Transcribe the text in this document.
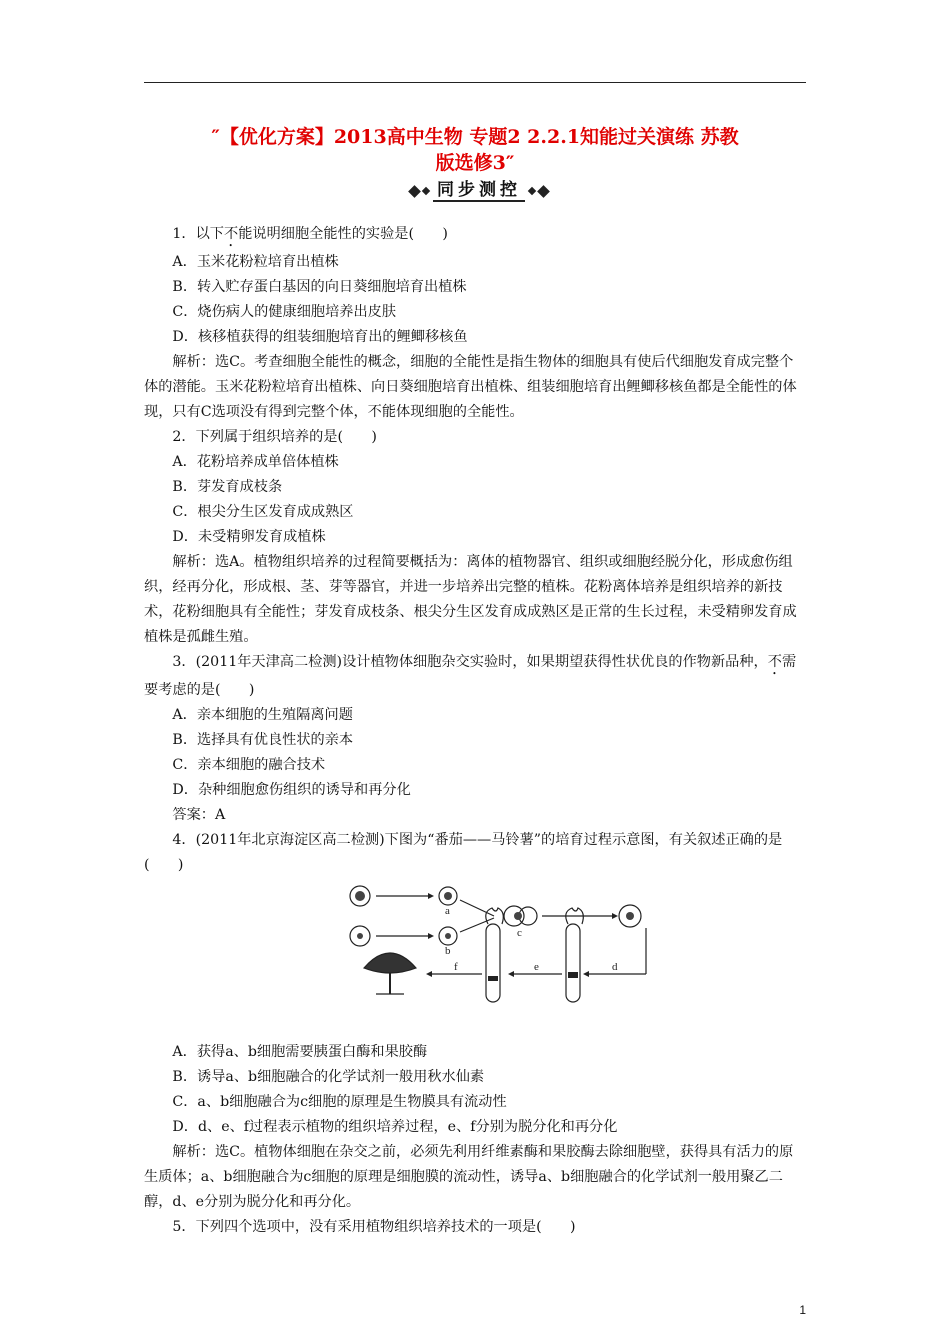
″【优化方案】2013高中生物 专题2 2.2.1知能过关演练 苏教
版选修3″
同步测控

1．以下不能说明细胞全能性的实验是(　　)

A．玉米花粉粒培育出植株

B．转入贮存蛋白基因的向日葵细胞培育出植株

C．烧伤病人的健康细胞培养出皮肤

D．核移植获得的组装细胞培育出的鲤鲫移核鱼

解析：选C。考查细胞全能性的概念，细胞的全能性是指生物体的细胞具有使后代细胞发育成完整个体的潜能。玉米花粉粒培育出植株、向日葵细胞培育出植株、组装细胞培育出鲤鲫移核鱼都是全能性的体现，只有C选项没有得到完整个体，不能体现细胞的全能性。

2．下列属于组织培养的是(　　)

A．花粉培养成单倍体植株

B．芽发育成枝条

C．根尖分生区发育成成熟区

D．未受精卵发育成植株

解析：选A。植物组织培养的过程简要概括为：离体的植物器官、组织或细胞经脱分化，形成愈伤组织，经再分化，形成根、茎、芽等器官，并进一步培养出完整的植株。花粉离体培养是组织培养的新技术，花粉细胞具有全能性；芽发育成枝条、根尖分生区发育成成熟区是正常的生长过程，未受精卵发育成植株是孤雌生殖。

3．(2011年天津高二检测)设计植物体细胞杂交实验时，如果期望获得性状优良的作物新品种，不需要考虑的是(　　)

A．亲本细胞的生殖隔离问题

B．选择具有优良性状的亲本

C．亲本细胞的融合技术

D．杂种细胞愈伤组织的诱导和再分化

答案：A

4．(2011年北京海淀区高二检测)下图为“番茄——马铃薯”的培育过程示意图，有关叙述正确的是(　　)

a
b
c
d
e
f

A．获得a、b细胞需要胰蛋白酶和果胶酶

B．诱导a、b细胞融合的化学试剂一般用秋水仙素

C．a、b细胞融合为c细胞的原理是生物膜具有流动性

D．d、e、f过程表示植物的组织培养过程，e、f分别为脱分化和再分化

解析：选C。植物体细胞在杂交之前，必须先利用纤维素酶和果胶酶去除细胞壁，获得具有活力的原生质体；a、b细胞融合为c细胞的原理是细胞膜的流动性，诱导a、b细胞融合的化学试剂一般用聚乙二醇，d、e分别为脱分化和再分化。

5．下列四个选项中，没有采用植物组织培养技术的一项是(　　)

1
